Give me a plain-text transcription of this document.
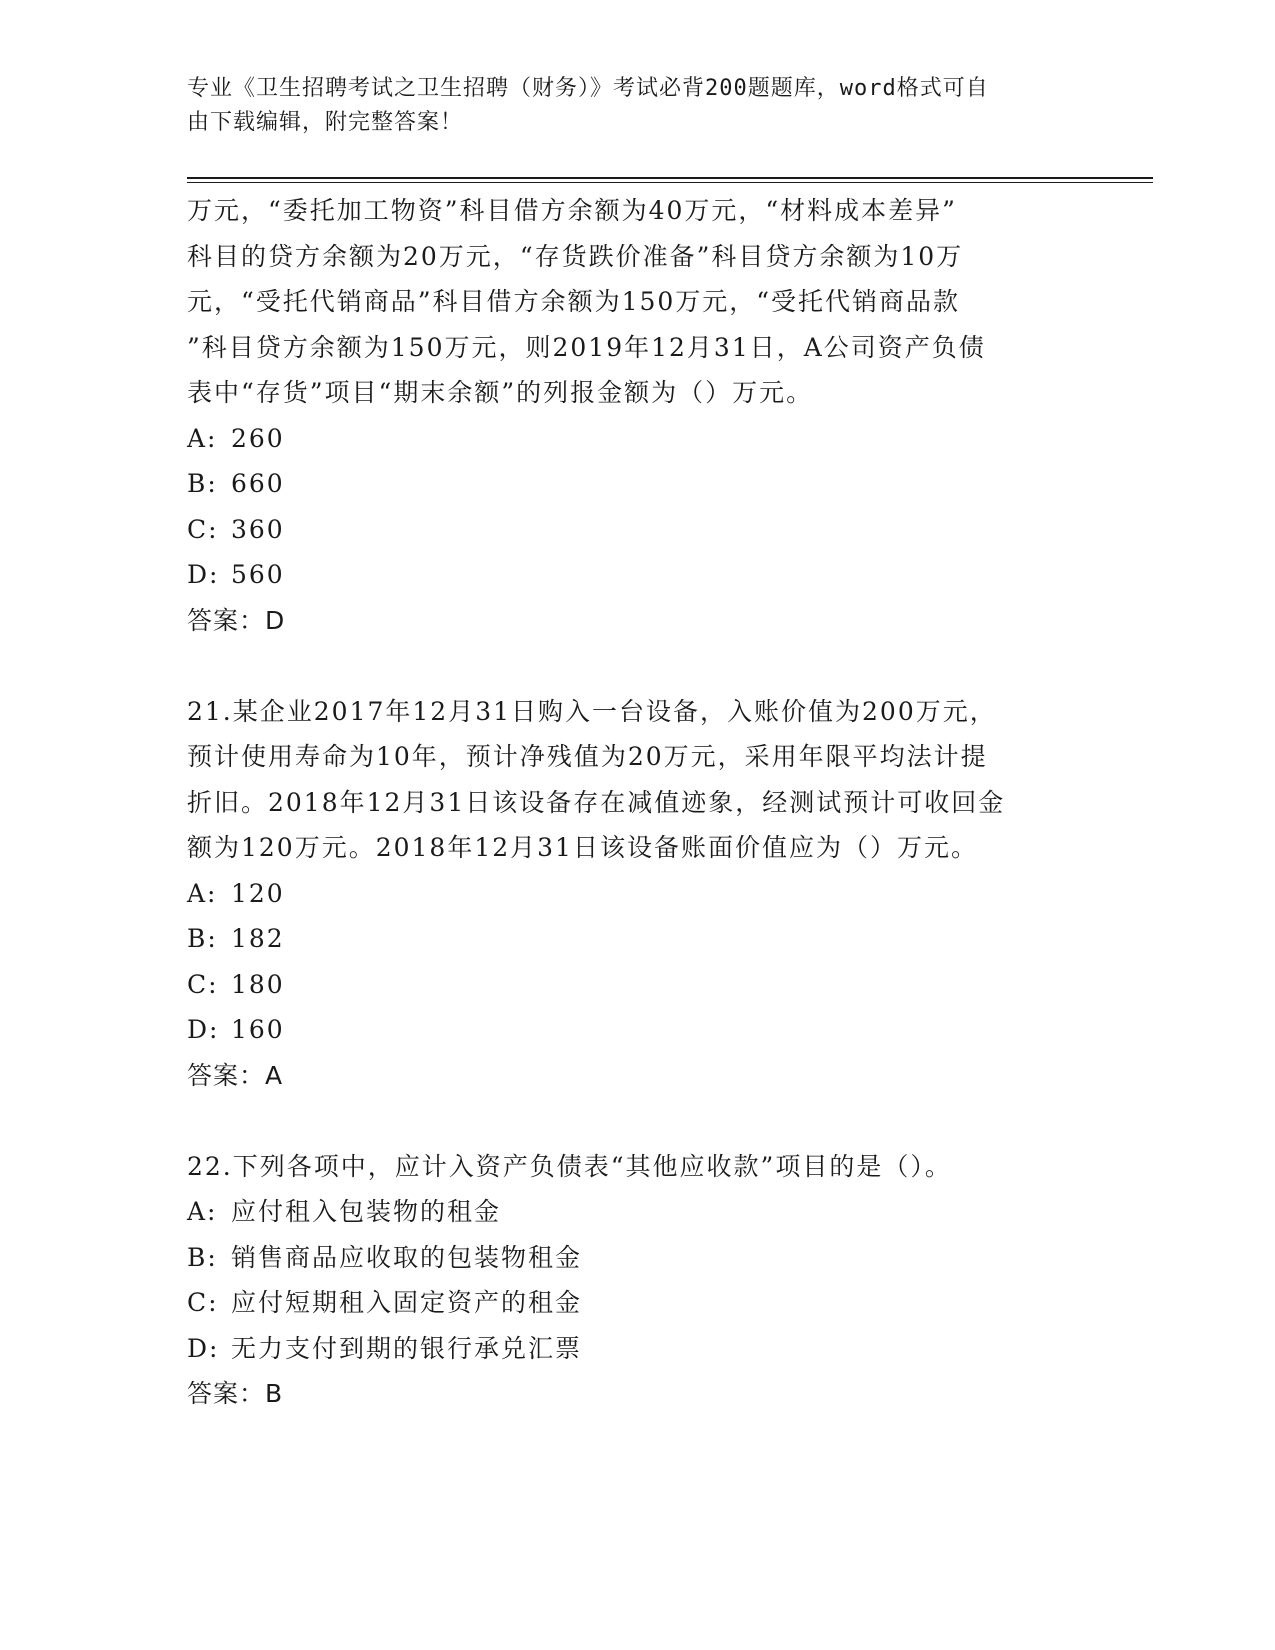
专业《卫生招聘考试之卫生招聘（财务）》考试必背200题题库，word格式可自
由下载编辑，附完整答案！
万元，“委托加工物资”科目借方余额为40万元，“材料成本差异”
科目的贷方余额为20万元，“存货跌价准备”科目贷方余额为10万
元，“受托代销商品”科目借方余额为150万元，“受托代销商品款
”科目贷方余额为150万元，则2019年12月31日，A公司资产负债
表中“存货”项目“期末余额”的列报金额为（）万元。
A: 260
B: 660
C: 360
D: 560
答案：D
21.某企业2017年12月31日购入一台设备，入账价值为200万元，
预计使用寿命为10年，预计净残值为20万元，采用年限平均法计提
折旧。2018年12月31日该设备存在减值迹象，经测试预计可收回金
额为120万元。2018年12月31日该设备账面价值应为（）万元。
A: 120
B: 182
C: 180
D: 160
答案：A
22.下列各项中，应计入资产负债表“其他应收款”项目的是（）。
A: 应付租入包装物的租金
B: 销售商品应收取的包装物租金
C: 应付短期租入固定资产的租金
D: 无力支付到期的银行承兑汇票
答案：B
